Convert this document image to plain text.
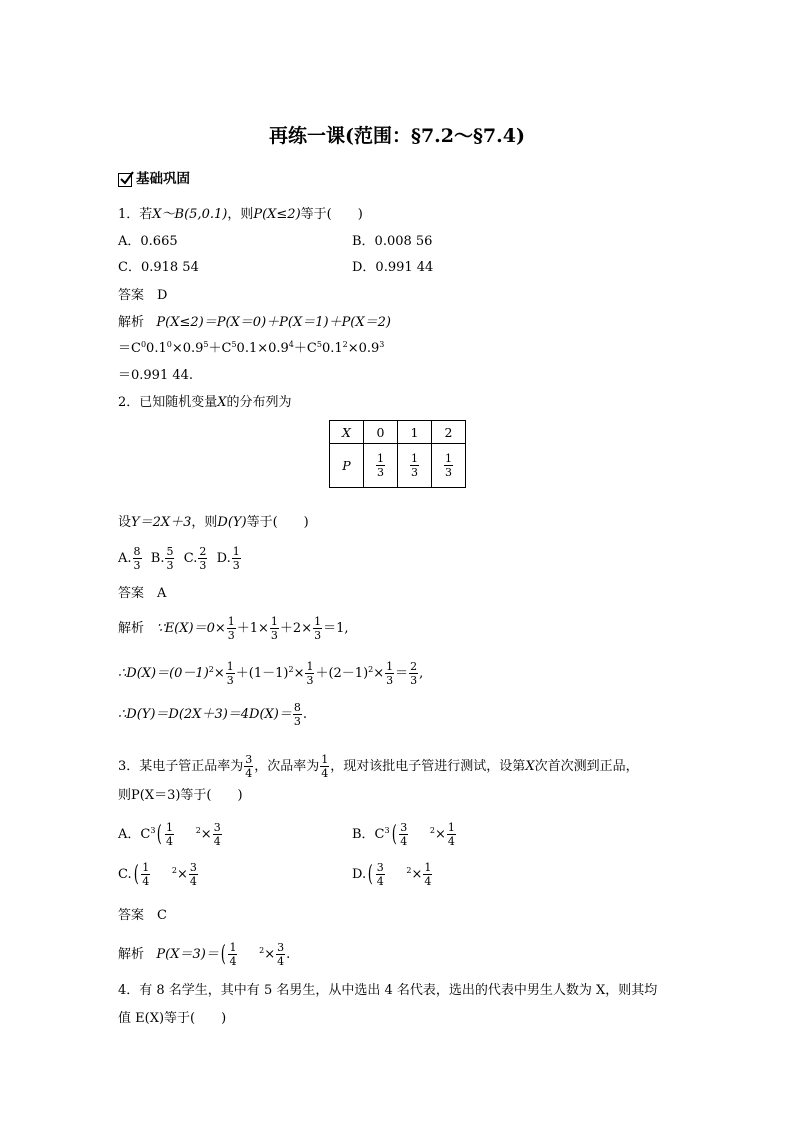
再练一课(范围：§7.2～§7.4)
基础巩固
1．若X～B(5,0.1)，则P(X≤2)等于(　　)
A．0.665	B．0.008 56
C．0.918 54	D．0.991 44
答案　D
解析 P(X≤2)＝P(X＝0)＋P(X＝1)＋P(X＝2)
$=C^00.1^0\times 0.9^5+C^50.1\times 0.9^4+C^50.1^2\times 0.9^3$
＝0.991 44.
2．已知随机变量X的分布列为
X	0	1	2
P	$\frac{1}{3}$	$\frac{1}{3}$	$\frac{1}{3}$
设Y＝2X＋3，则D(Y)等于(　　)
A. $\frac{8}{3} B$. $\frac{5}{3} C$. $\frac{2}{3} D$. $\frac{1}{3}$
答案　A
解析 ∵E(X)＝0× $\frac{1}{3} +1\times \frac{1}{3} +2\times \frac{1}{3} =1$,
$\therefore D(X)=(0-1)^2\times \frac{1}{3} +(1-1)^2\times \frac{1}{3} +(2-1)^2\times \frac{1}{3} = \frac{2}{3}$ ,
∴D(Y)＝D(2X＋3)＝4D(X)＝ $\frac{8}{3}$ .
3．某电子管正品率为 $\frac{3}{4}$ ，次品率为 $\frac{1}{4}$ ，现对该批电子管进行测试，设第X次首次测到正品，
则P(X＝3)等于(　　)
A．$C^3( \frac{1}{4}$	$^2\times \frac{3}{4}$	B．$C^3( \frac{3}{4}$	$^2\times \frac{1}{4}$
$C.( \frac{1}{4}$	$^2\times \frac{3}{4}$	$D.( \frac{3}{4}$	$^2\times \frac{1}{4}$
答案　C
解析 $P(X=3)=( \frac{1}{4}$	$^2\times \frac{3}{4}$ .
4．有 8 名学生，其中有 5 名男生，从中选出 4 名代表，选出的代表中男生人数为 X，则其均
值 E(X)等于(　　)
